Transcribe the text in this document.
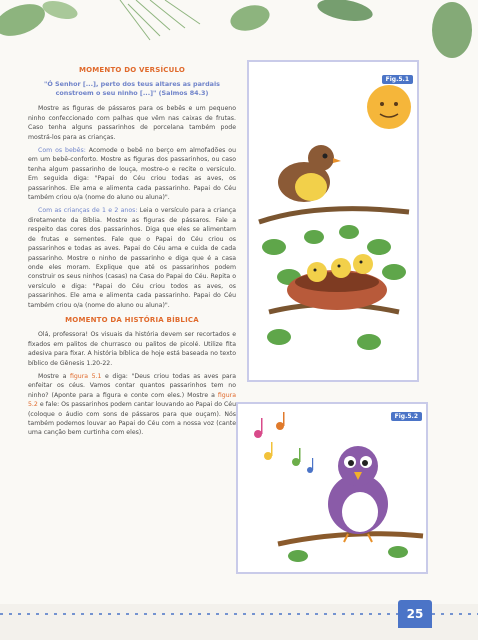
MOMENTO DO VERSÍCULO
"Ó Senhor [...], perto dos teus altares as pardais constroem o seu ninho [...]" (Salmos 84.3)

Mostre as figuras de pássaros para os bebês e um pequeno ninho confeccionado com palhas que vêm nas caixas de frutas. Caso tenha alguns passarinhos de porcelana também pode mostrá-los para as crianças.

Com os bebês: Acomode o bebê no berço em almofadões ou em um bebê-conforto. Mostre as figuras dos passarinhos, ou caso tenha algum passarinho de louça, mostre-o e recite o versículo. Em seguida diga: "Papai do Céu criou todas as aves, os passarinhos. Ele ama e alimenta cada passarinho. Papai do Céu também criou o/a (nome do aluno ou aluna)".

Com as crianças de 1 e 2 anos: Leia o versículo para a criança diretamente da Bíblia. Mostre as figuras de pássaros. Fale a respeito das cores dos passarinhos. Diga que eles se alimentam de frutas e sementes. Fale que o Papai do Céu criou os passarinhos e todas as aves. Papai do Céu ama e cuida de cada passarinho. Mostre o ninho de passarinho e diga que é a casa onde eles moram. Explique que até os passarinhos podem construir os seus ninhos (casas) na Casa do Papai do Céu. Repita o versículo e diga: "Papai do Céu criou todos as aves, os passarinhos. Ele ama e alimenta cada passarinho. Papai do Céu também criou o/a (nome do aluno ou aluna)".

MOMENTO DA HISTÓRIA BÍBLICA

Olá, professora! Os visuais da história devem ser recortados e fixados em palitos de churrasco ou palitos de picolé. Utilize fita adesiva para fixar. A história bíblica de hoje está baseada no texto bíblico de Gênesis 1.20-22.

Mostre a figura 5.1 e diga: "Deus criou todas as aves para enfeitar os céus. Vamos contar quantos passarinhos tem no ninho? (Aponte para a figura e conte com eles.) Mostre a figura 5.2 e fale: Os passarinhos podem cantar louvando ao Papai do Céu (coloque o áudio com sons de pássaros para que ouçam). Nós também podemos louvar ao Papai do Céu com a nossa voz (cante uma canção bem curtinha com eles).

Fig.5.1
Fig.5.2
25
